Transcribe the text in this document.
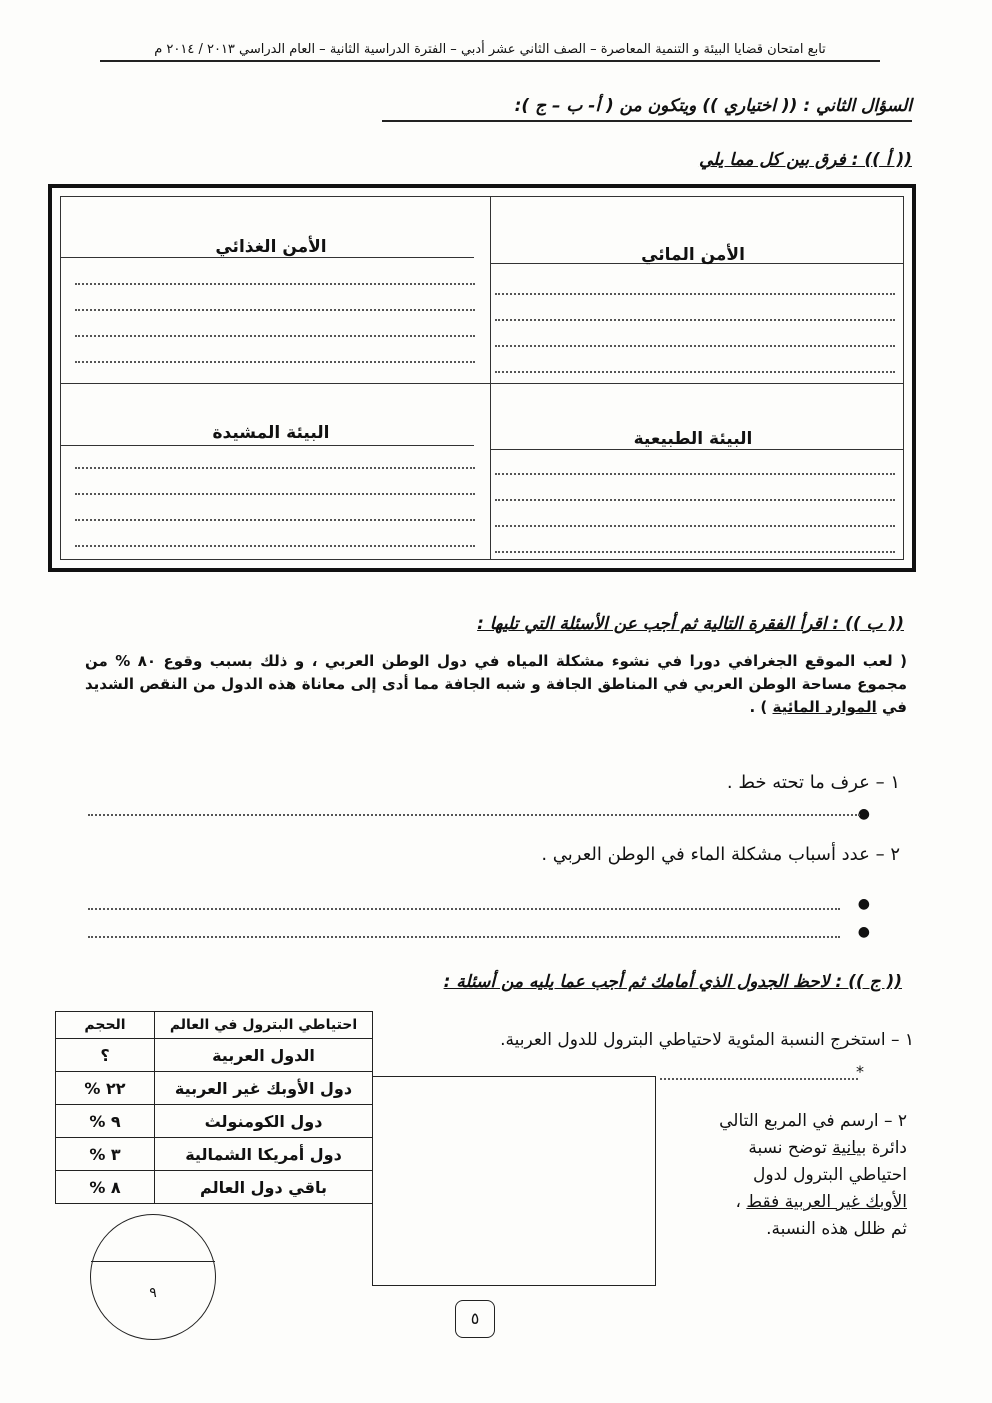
تابع امتحان قضايا البيئة و التنمية المعاصرة – الصف الثاني عشر أدبي – الفترة الدراسية الثانية – العام الدراسي ٢٠١٣ / ٢٠١٤ م
السؤال الثاني : (( اختياري )) ويتكون من ( أ- ب – ج ):
(( أ )) : فرق بين كل مما يلي
الأمن المائي
الأمن الغذائي
البيئة الطبيعية
البيئة المشيدة
(( ب )) : اقرأ الفقرة التالية ثم أجب عن الأسئلة التي تليها :
( لعب الموقع الجغرافي دورا في نشوء مشكلة المياه في دول الوطن العربي ، و ذلك بسبب وقوع ٨٠ % من مجموع مساحة الوطن العربي في المناطق الجافة و شبه الجافة مما أدى إلى معاناة هذه الدول من النقص الشديد في الموارد المائية ) .
١ – عرف ما تحته خط .
●
٢ – عدد أسباب مشكلة الماء في الوطن العربي .
●
●
(( ج )) : لاحظ الجدول الذي أمامك ثم أجب عما يليه من أسئلة :
احتياطي البترول في العالم	الحجم
الدول العربية	؟
دول الأوبك غير العربية	٢٢ %
دول الكومنولث	٩ %
دول أمريكا الشمالية	٣ %
باقي دول العالم	٨ %
١ – استخرج النسبة المئوية لاحتياطي البترول للدول العربية.
*
٢ – ارسم في المربع التالي
دائرة بيانية توضح نسبة
احتياطي البترول لدول
الأوبك غير العربية فقط ،
ثم ظلل هذه النسبة.
٩
٥
